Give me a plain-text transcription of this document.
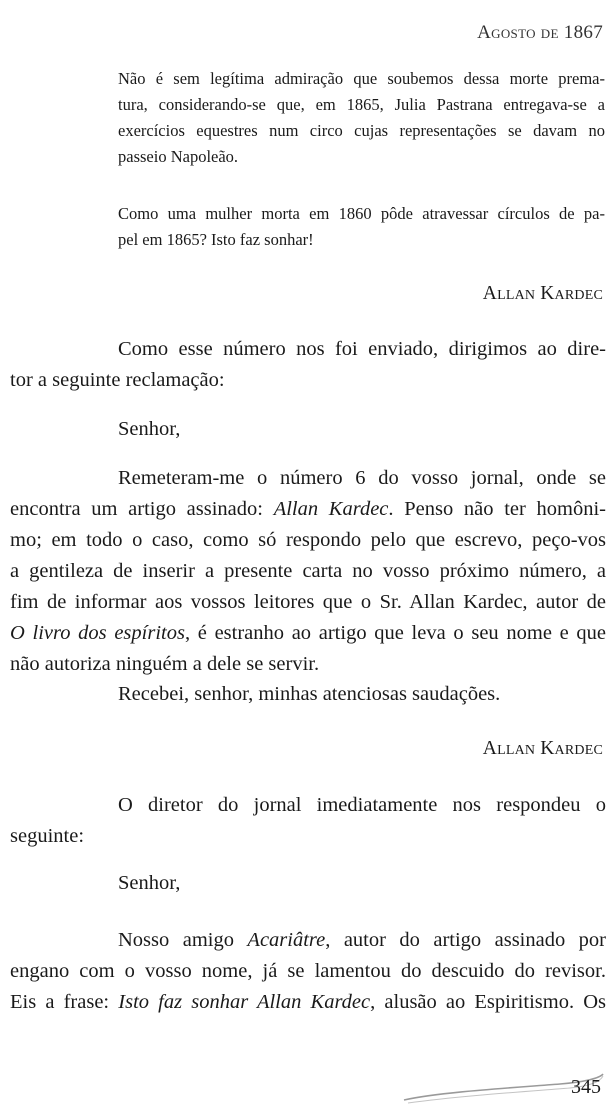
Agosto de 1867
Não é sem legítima admiração que soubemos dessa morte prema-
tura, considerando-se que, em 1865, Julia Pastrana entregava-se a
exercícios equestres num circo cujas representações se davam no
passeio Napoleão.
Como uma mulher morta em 1860 pôde atravessar círculos de pa-
pel em 1865? Isto faz sonhar!
Allan Kardec
Como esse número nos foi enviado, dirigimos ao dire-
tor a seguinte reclamação:
Senhor,
Remeteram-me o número 6 do vosso jornal, onde se
encontra um artigo assinado: Allan Kardec. Penso não ter homôni-
mo; em todo o caso, como só respondo pelo que escrevo, peço-vos
a gentileza de inserir a presente carta no vosso próximo número, a
fim de informar aos vossos leitores que o Sr. Allan Kardec, autor de
O livro dos espíritos, é estranho ao artigo que leva o seu nome e que
não autoriza ninguém a dele se servir.
Recebei, senhor, minhas atenciosas saudações.
Allan Kardec
O diretor do jornal imediatamente nos respondeu o
seguinte:
Senhor,
Nosso amigo Acariâtre, autor do artigo assinado por
engano com o vosso nome, já se lamentou do descuido do revisor.
Eis a frase: Isto faz sonhar Allan Kardec, alusão ao Espiritismo. Os
345
